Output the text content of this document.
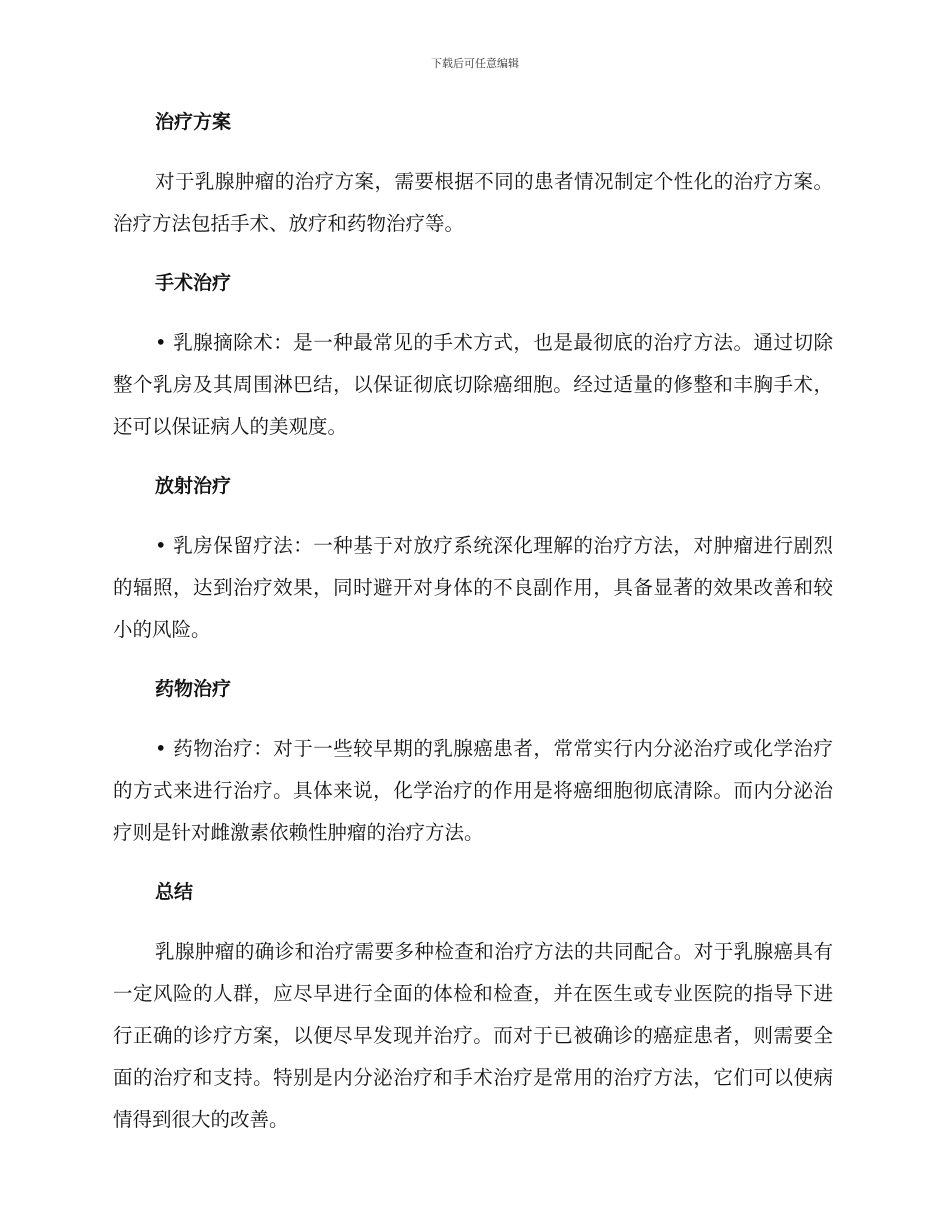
下载后可任意编辑
治疗方案

对于乳腺肿瘤的治疗方案，需要根据不同的患者情况制定个性化的治疗方案。治疗方法包括手术、放疗和药物治疗等。

手术治疗

• 乳腺摘除术：是一种最常见的手术方式，也是最彻底的治疗方法。通过切除整个乳房及其周围淋巴结，以保证彻底切除癌细胞。经过适量的修整和丰胸手术，还可以保证病人的美观度。

放射治疗

• 乳房保留疗法：一种基于对放疗系统深化理解的治疗方法，对肿瘤进行剧烈的辐照，达到治疗效果，同时避开对身体的不良副作用，具备显著的效果改善和较小的风险。

药物治疗

• 药物治疗：对于一些较早期的乳腺癌患者，常常实行内分泌治疗或化学治疗的方式来进行治疗。具体来说，化学治疗的作用是将癌细胞彻底清除。而内分泌治疗则是针对雌激素依赖性肿瘤的治疗方法。

总结

乳腺肿瘤的确诊和治疗需要多种检查和治疗方法的共同配合。对于乳腺癌具有一定风险的人群，应尽早进行全面的体检和检查，并在医生或专业医院的指导下进行正确的诊疗方案，以便尽早发现并治疗。而对于已被确诊的癌症患者，则需要全面的治疗和支持。特别是内分泌治疗和手术治疗是常用的治疗方法，它们可以使病情得到很大的改善。
